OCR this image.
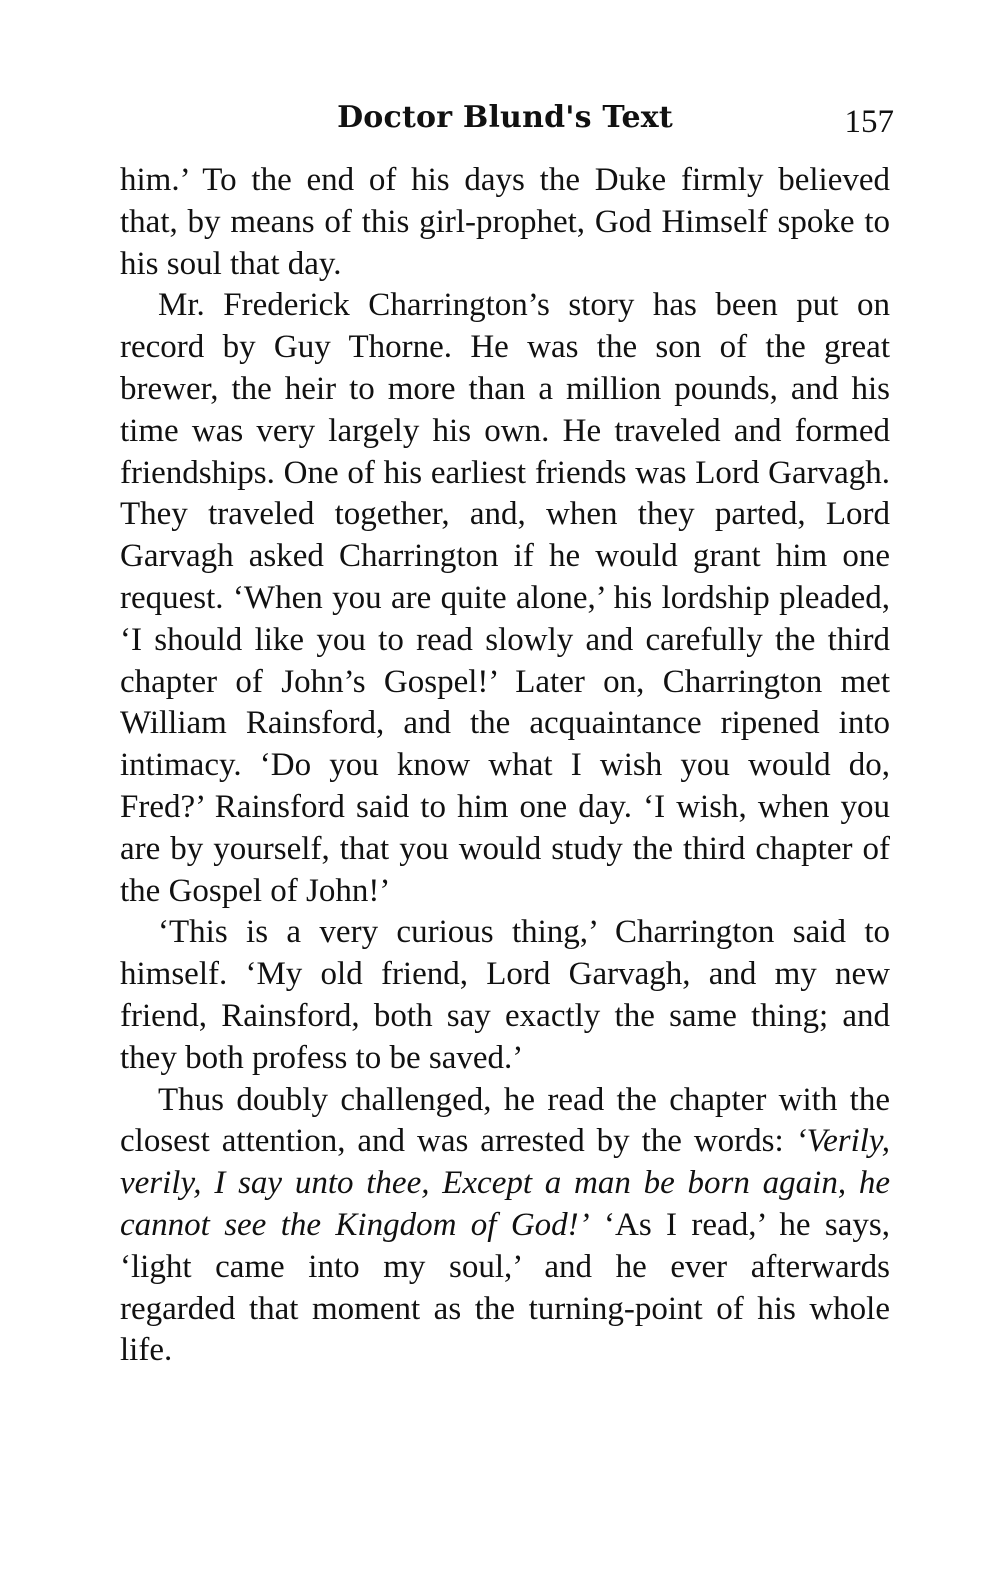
Doctor Blund's Text	157

him.’ To the end of his days the Duke firmly believed that, by means of this girl-prophet, God Himself spoke to his soul that day.

Mr. Frederick Charrington’s story has been put on record by Guy Thorne. He was the son of the great brewer, the heir to more than a million pounds, and his time was very largely his own. He traveled and formed friendships. One of his earliest friends was Lord Garvagh. They traveled together, and, when they parted, Lord Garvagh asked Charrington if he would grant him one request. ‘When you are quite alone,’ his lordship pleaded, ‘I should like you to read slowly and carefully the third chapter of John’s Gospel!’ Later on, Charrington met William Rainsford, and the acquaintance ripened into intimacy. ‘Do you know what I wish you would do, Fred?’ Rainsford said to him one day. ‘I wish, when you are by yourself, that you would study the third chapter of the Gospel of John!’

‘This is a very curious thing,’ Charrington said to himself. ‘My old friend, Lord Garvagh, and my new friend, Rainsford, both say exactly the same thing; and they both profess to be saved.’

Thus doubly challenged, he read the chapter with the closest attention, and was arrested by the words: ‘Verily, verily, I say unto thee, Except a man be born again, he cannot see the Kingdom of God!’ ‘As I read,’ he says, ‘light came into my soul,’ and he ever afterwards regarded that moment as the turning-point of his whole life.
